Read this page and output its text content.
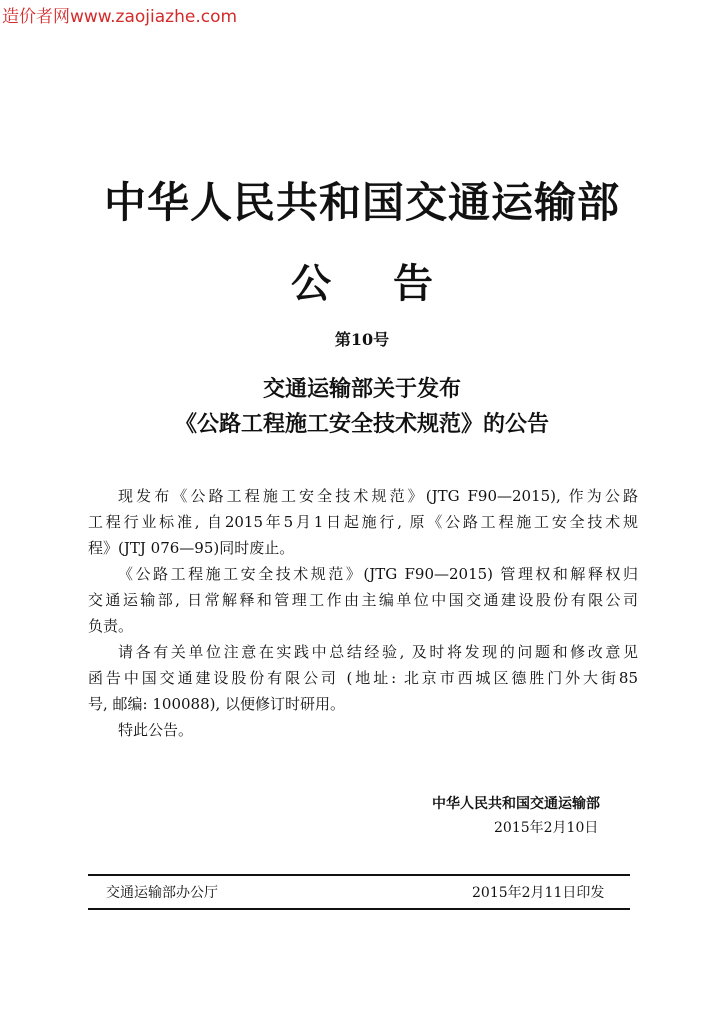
造价者网www.zaojiazhe.com
中华人民共和国交通运输部
公 告
第10号
交通运输部关于发布
《公路工程施工安全技术规范》的公告
现发布《公路工程施工安全技术规范》(JTG F90—2015), 作为公路
工程行业标准, 自2015年5月1日起施行, 原《公路工程施工安全技术规
程》(JTJ 076—95)同时废止。
《公路工程施工安全技术规范》(JTG F90—2015) 管理权和解释权归
交通运输部, 日常解释和管理工作由主编单位中国交通建设股份有限公司
负责。
请各有关单位注意在实践中总结经验, 及时将发现的问题和修改意见
函告中国交通建设股份有限公司 (地址: 北京市西城区德胜门外大街85
号, 邮编: 100088), 以便修订时研用。
特此公告。
中华人民共和国交通运输部
2015年2月10日
交通运输部办公厅	2015年2月11日印发
